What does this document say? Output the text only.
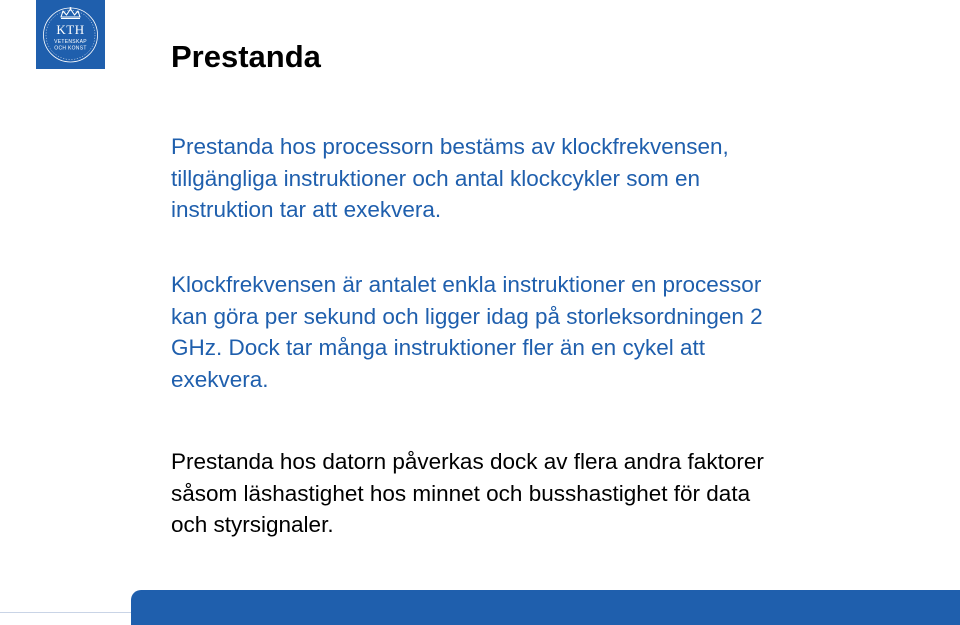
KTH
VETENSKAP
OCH KONST	Prestanda

Prestanda hos processorn bestäms av klockfrekvensen,
tillgängliga instruktioner och antal klockcykler som en
instruktion tar att exekvera.

Klockfrekvensen är antalet enkla instruktioner en processor
kan göra per sekund och ligger idag på storleksordningen 2
GHz. Dock tar många instruktioner fler än en cykel att
exekvera.

Prestanda hos datorn påverkas dock av flera andra faktorer
såsom läshastighet hos minnet och busshastighet för data
och styrsignaler.
